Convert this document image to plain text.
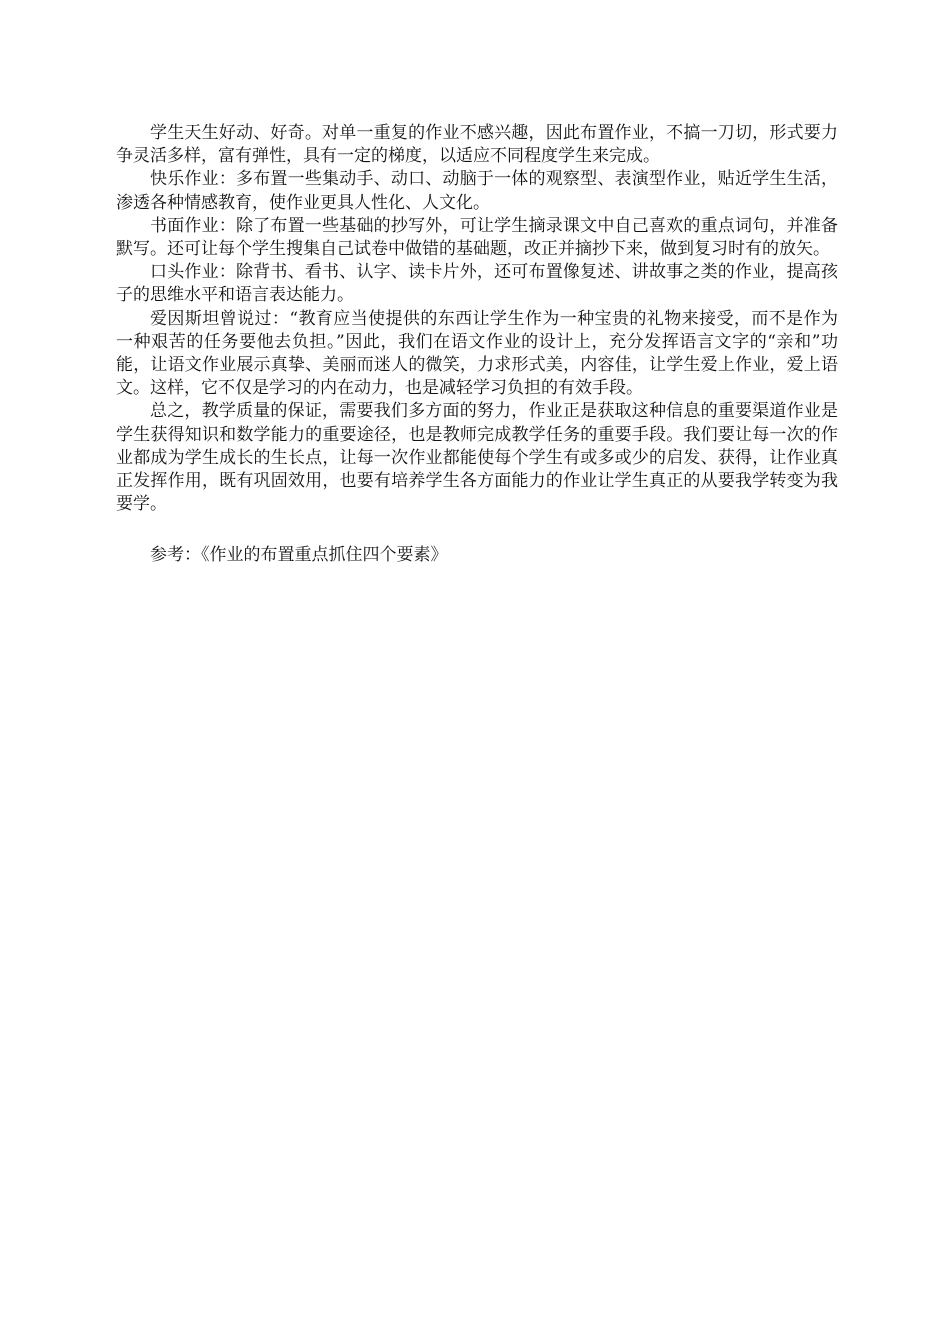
学生天生好动、好奇。对单一重复的作业不感兴趣，因此布置作业，不搞一刀切，形式要力争灵活多样，富有弹性，具有一定的梯度，以适应不同程度学生来完成。

快乐作业：多布置一些集动手、动口、动脑于一体的观察型、表演型作业，贴近学生生活，渗透各种情感教育，使作业更具人性化、人文化。

书面作业：除了布置一些基础的抄写外，可让学生摘录课文中自己喜欢的重点词句，并准备默写。还可让每个学生搜集自己试卷中做错的基础题，改正并摘抄下来，做到复习时有的放矢。

口头作业：除背书、看书、认字、读卡片外，还可布置像复述、讲故事之类的作业，提高孩子的思维水平和语言表达能力。

爱因斯坦曾说过：“教育应当使提供的东西让学生作为一种宝贵的礼物来接受，而不是作为一种艰苦的任务要他去负担。”因此，我们在语文作业的设计上，充分发挥语言文字的“亲和”功能，让语文作业展示真挚、美丽而迷人的微笑，力求形式美，内容佳，让学生爱上作业，爱上语文。这样，它不仅是学习的内在动力，也是减轻学习负担的有效手段。

总之，教学质量的保证，需要我们多方面的努力，作业正是获取这种信息的重要渠道作业是学生获得知识和数学能力的重要途径，也是教师完成教学任务的重要手段。我们要让每一次的作业都成为学生成长的生长点，让每一次作业都能使每个学生有或多或少的启发、获得，让作业真正发挥作用，既有巩固效用，也要有培养学生各方面能力的作业让学生真正的从要我学转变为我要学。

参考：《作业的布置重点抓住四个要素》
